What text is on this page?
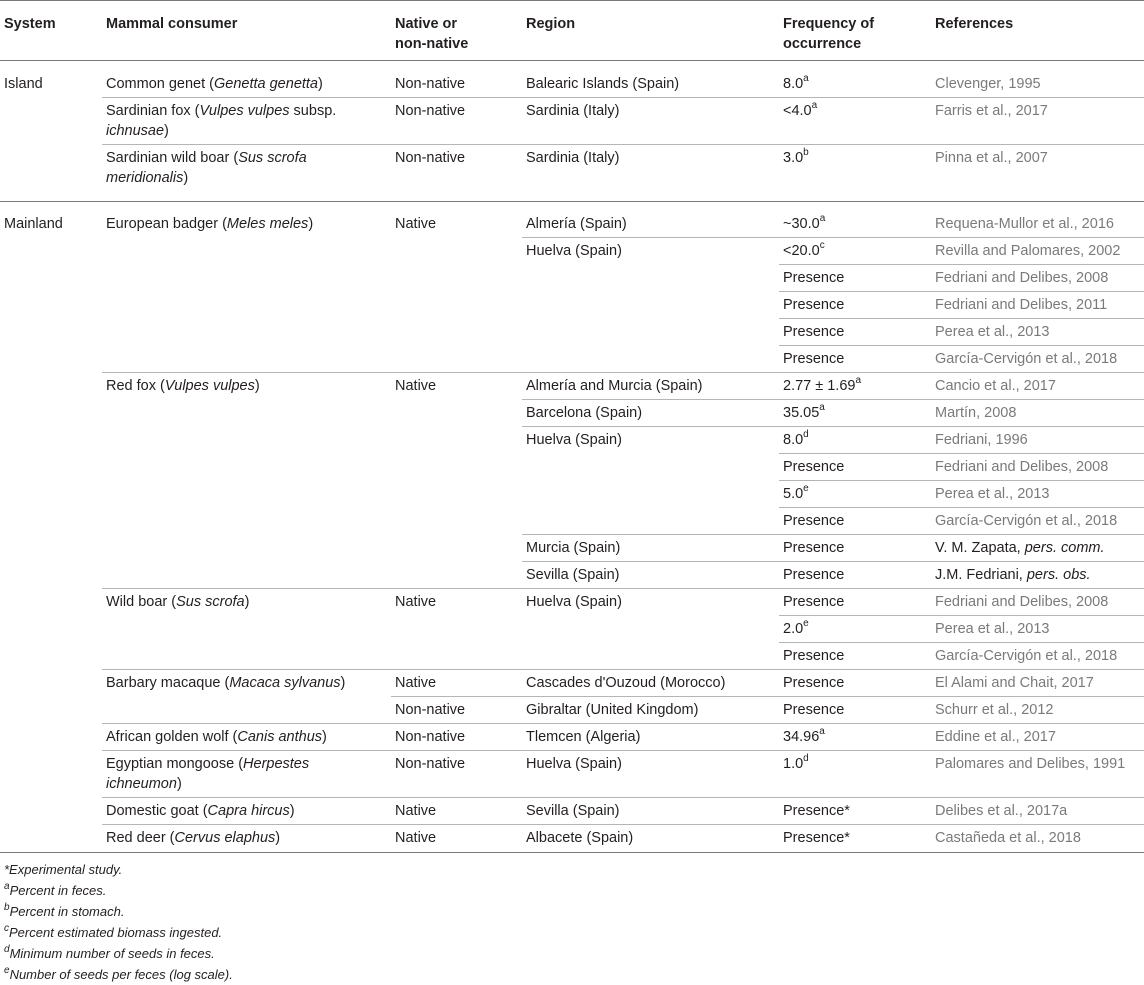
System	Mammal consumer	Native or non-native	Region	Frequency of occurrence	References

Island	Common genet (Genetta genetta)	Non-native	Balearic Islands (Spain)	8.0$^a$	Clevenger, 1995
	Sardinian fox (Vulpes vulpes subsp. ichnusae)	Non-native	Sardinia (Italy)	<4.0$^a$	Farris et al., 2017
	Sardinian wild boar (Sus scrofa meridionalis)	Non-native	Sardinia (Italy)	3.0$^b$	Pinna et al., 2007

Mainland	European badger (Meles meles)	Native	Almería (Spain)	~30.0$^a$	Requena-Mullor et al., 2016
			Huelva (Spain)	<20.0$^c$	Revilla and Palomares, 2002
				Presence	Fedriani and Delibes, 2008
				Presence	Fedriani and Delibes, 2011
				Presence	Perea et al., 2013
				Presence	García-Cervigón et al., 2018
	Red fox (Vulpes vulpes)	Native	Almería and Murcia (Spain)	2.77 ± 1.69$^a$	Cancio et al., 2017
			Barcelona (Spain)	35.05$^a$	Martín, 2008
			Huelva (Spain)	8.0$^d$	Fedriani, 1996
				Presence	Fedriani and Delibes, 2008
				5.0e	Perea et al., 2013
				Presence	García-Cervigón et al., 2018
			Murcia (Spain)	Presence	V. M. Zapata, pers. comm.
			Sevilla (Spain)	Presence	J.M. Fedriani, pers. obs.
	Wild boar (Sus scrofa)	Native	Huelva (Spain)	Presence	Fedriani and Delibes, 2008
				2.0e	Perea et al., 2013
				Presence	García-Cervigón et al., 2018
	Barbary macaque (Macaca sylvanus)	Native	Cascades d'Ouzoud (Morocco)	Presence	El Alami and Chait, 2017
		Non-native	Gibraltar (United Kingdom)	Presence	Schurr et al., 2012
	African golden wolf (Canis anthus)	Non-native	Tlemcen (Algeria)	34.96$^a$	Eddine et al., 2017
	Egyptian mongoose (Herpestes ichneumon)	Non-native	Huelva (Spain)	1.0$^d$	Palomares and Delibes, 1991
	Domestic goat (Capra hircus)	Native	Sevilla (Spain)	Presence*	Delibes et al., 2017a
	Red deer (Cervus elaphus)	Native	Albacete (Spain)	Presence*	Castañeda et al., 2018
*Experimental study.
$^a$Percent in feces.
$^b$Percent in stomach.
$^c$Percent estimated biomass ingested.
$^d$Minimum number of seeds in feces.
$^e$Number of seeds per feces (log scale).
